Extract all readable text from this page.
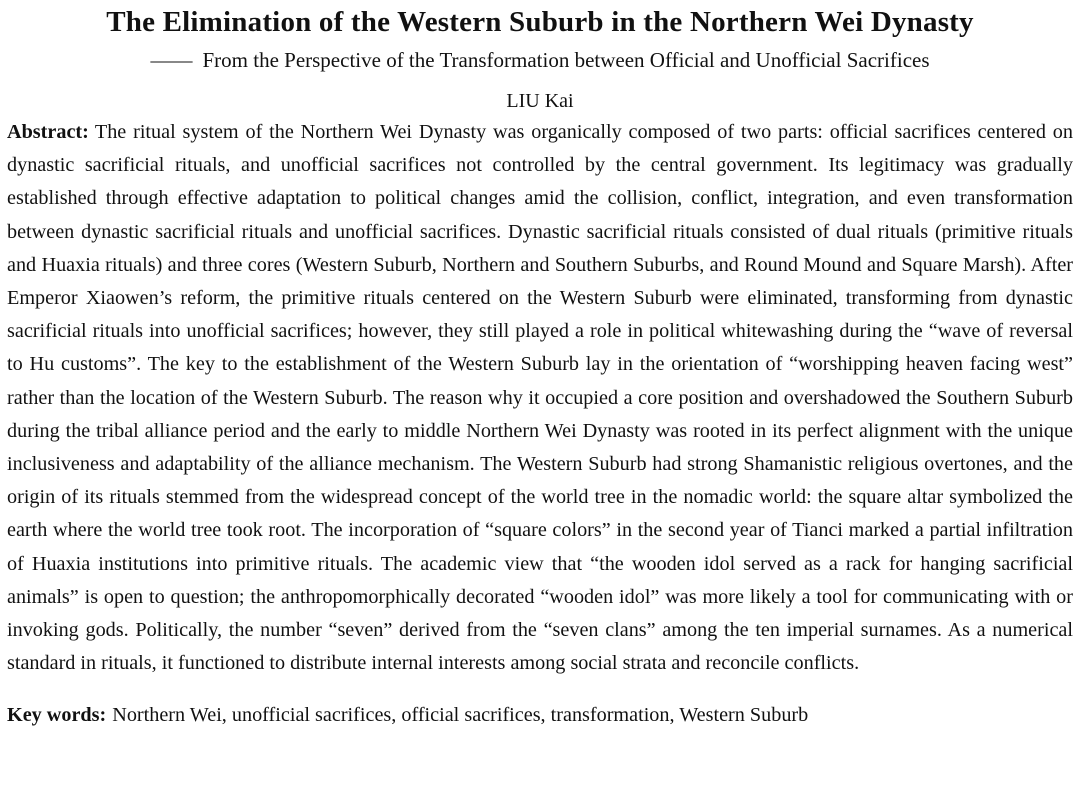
The Elimination of the Western Suburb in the Northern Wei Dynasty

—— From the Perspective of the Transformation between Official and Unofficial Sacrifices

LIU Kai

Abstract: The ritual system of the Northern Wei Dynasty was organically composed of two parts: official sacrifices centered on dynastic sacrificial rituals, and unofficial sacrifices not controlled by the central government. Its legitimacy was gradually established through effective adaptation to political changes amid the collision, conflict, integration, and even transformation between dynastic sacrificial rituals and unofficial sacrifices. Dynastic sacrificial rituals consisted of dual rituals (primitive rituals and Huaxia rituals) and three cores (Western Suburb, Northern and Southern Suburbs, and Round Mound and Square Marsh). After Emperor Xiaowen’s reform, the primitive rituals centered on the Western Suburb were eliminated, transforming from dynastic sacrificial rituals into unofficial sacrifices; however, they still played a role in political whitewashing during the “wave of reversal to Hu customs”. The key to the establishment of the Western Suburb lay in the orientation of “worshipping heaven facing west” rather than the location of the Western Suburb. The reason why it occupied a core position and overshadowed the Southern Suburb during the tribal alliance period and the early to middle Northern Wei Dynasty was rooted in its perfect alignment with the unique inclusiveness and adaptability of the alliance mechanism. The Western Suburb had strong Shamanistic religious overtones, and the origin of its rituals stemmed from the widespread concept of the world tree in the nomadic world: the square altar symbolized the earth where the world tree took root. The incorporation of “square colors” in the second year of Tianci marked a partial infiltration of Huaxia institutions into primitive rituals. The academic view that “the wooden idol served as a rack for hanging sacrificial animals” is open to question; the anthropomorphically decorated “wooden idol” was more likely a tool for communicating with or invoking gods. Politically, the number “seven” derived from the “seven clans” among the ten imperial surnames. As a numerical standard in rituals, it functioned to distribute internal interests among social strata and reconcile conflicts.

Key words: Northern Wei, unofficial sacrifices, official sacrifices, transformation, Western Suburb
